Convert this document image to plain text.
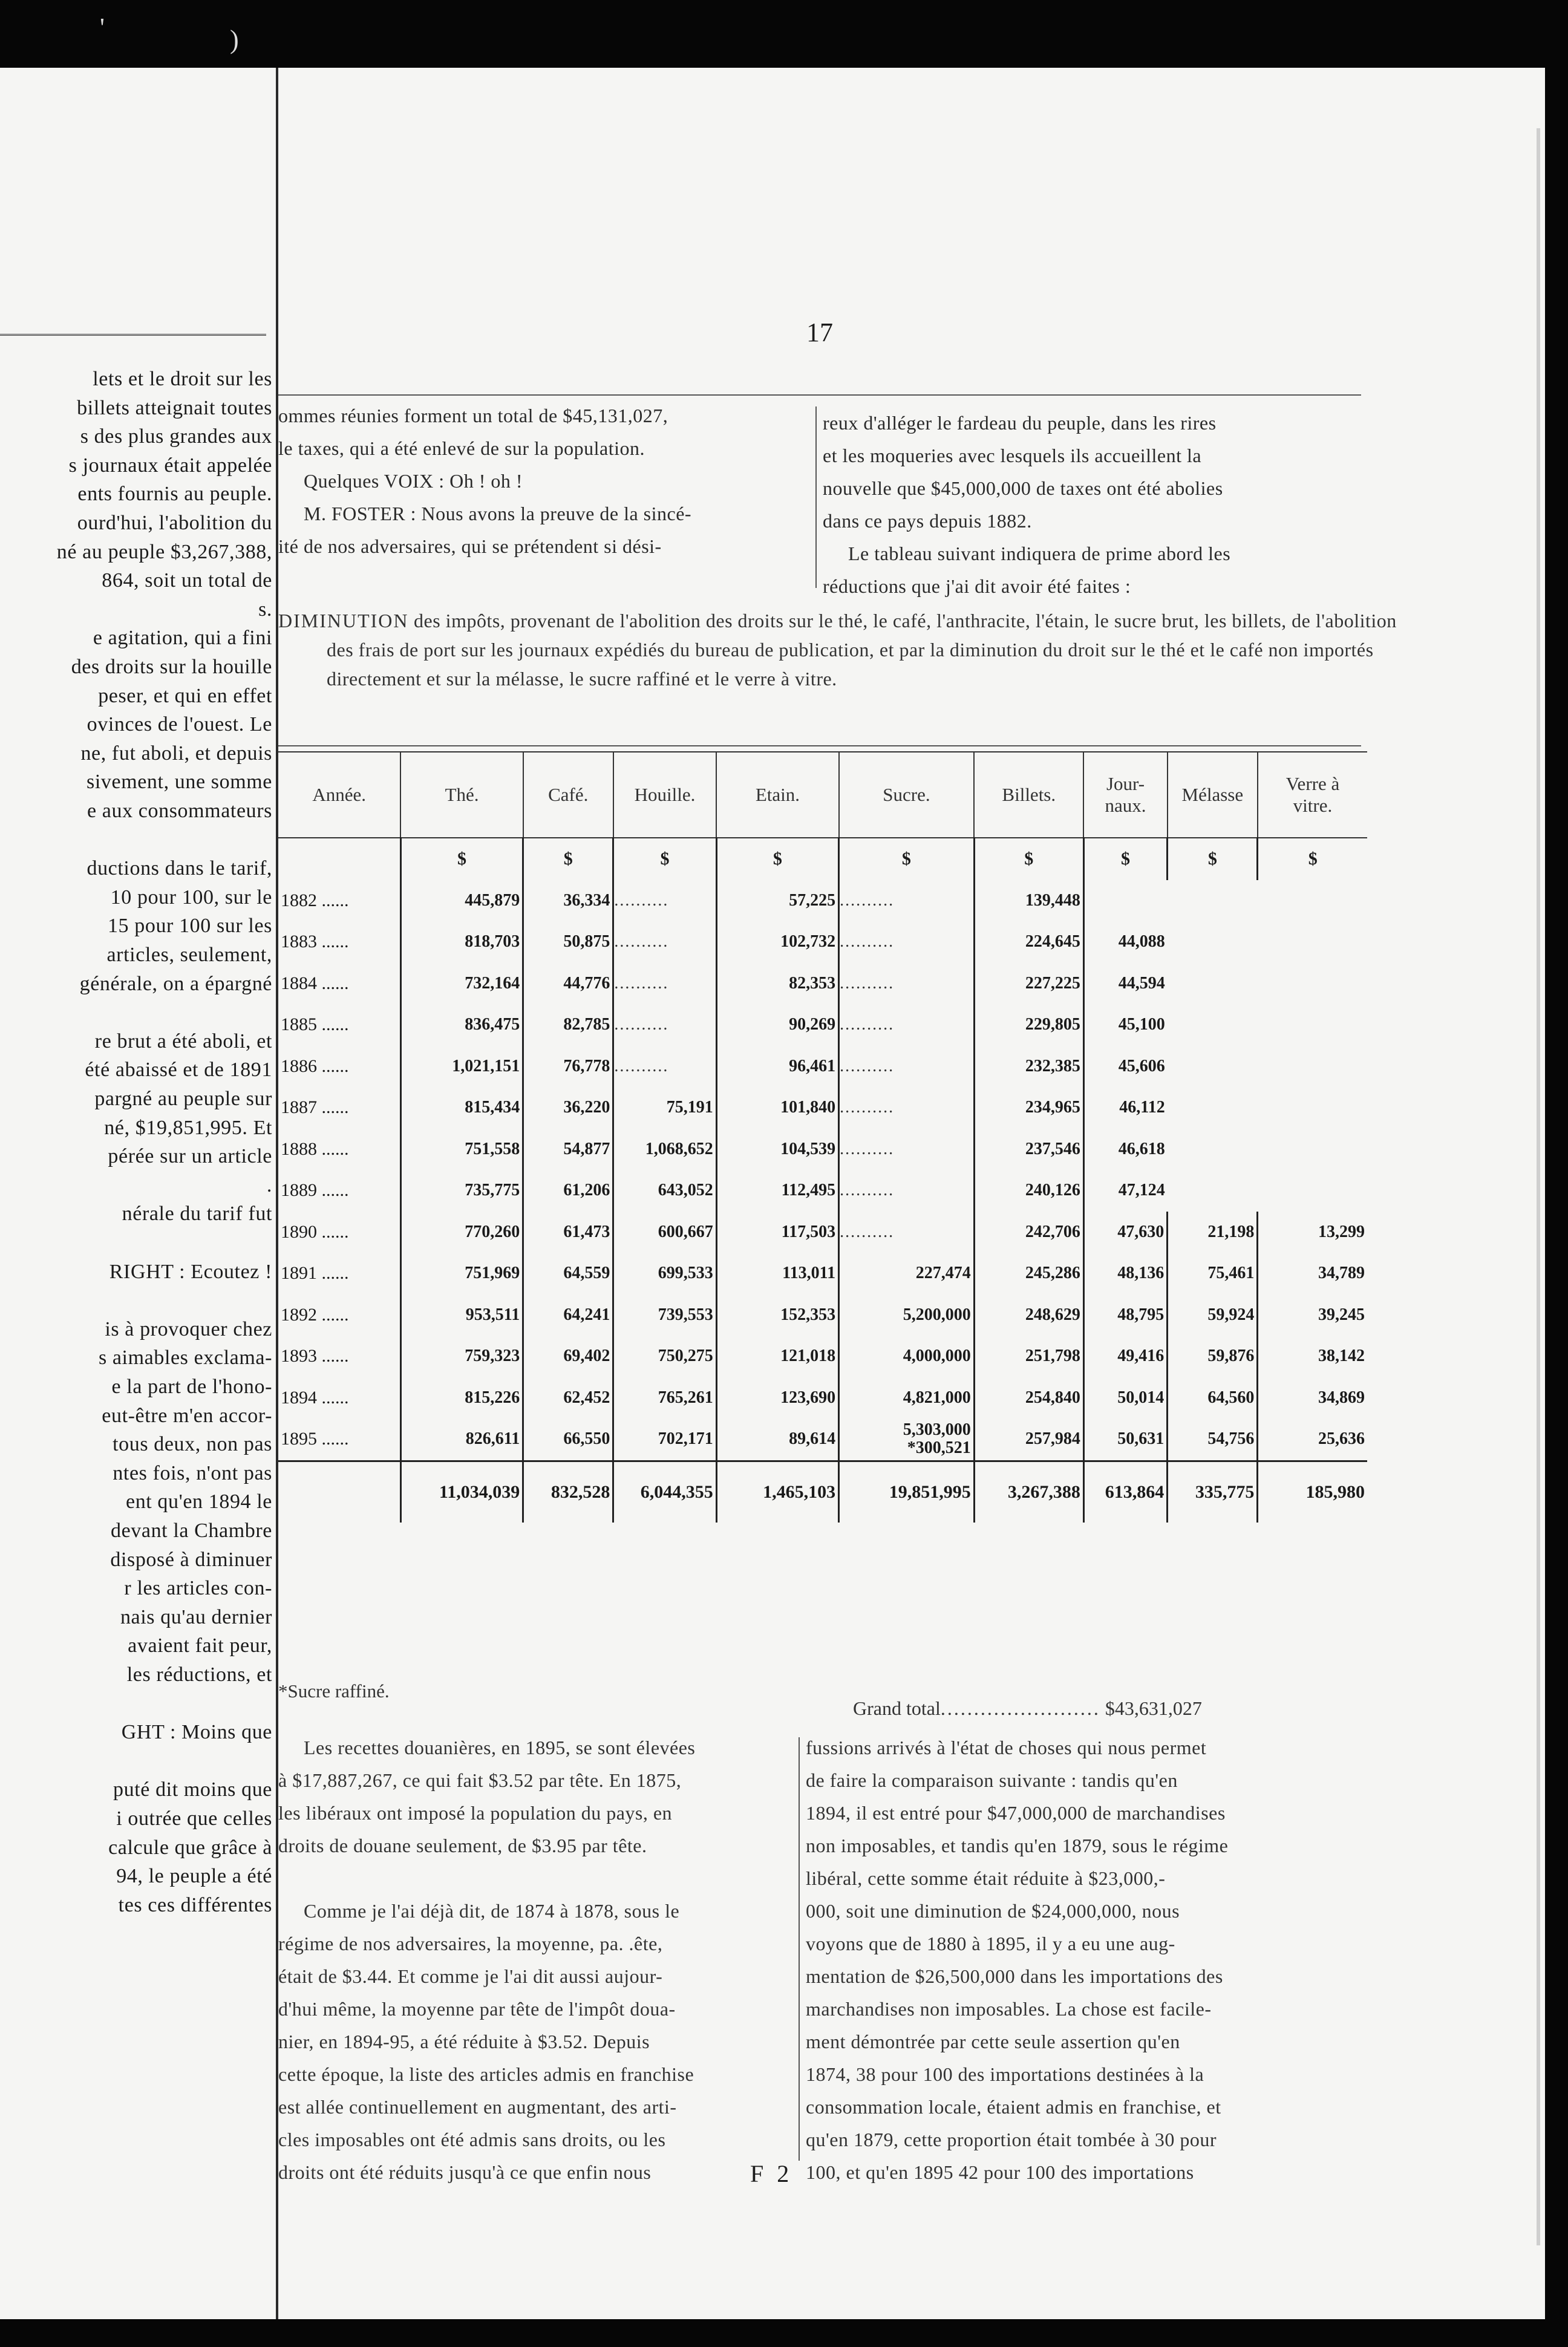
'	)
lets et le droit sur les
billets atteignait toutes
s des plus grandes aux
s journaux était appelée
ents fournis au peuple.
ourd'hui, l'abolition du
né au peuple $3,267,388,
864, soit un total de
s.
e agitation, qui a fini
des droits sur la houille
peser, et qui en effet
ovinces de l'ouest. Le
ne, fut aboli, et depuis
sivement, une somme
e aux consommateurs
ductions dans le tarif,
10 pour 100, sur le
15 pour 100 sur les
articles, seulement,
générale, on a épargné
re brut a été aboli, et
été abaissé et de 1891
pargné au peuple sur
né, $19,851,995. Et
pérée sur un article
.
nérale du tarif fut
RIGHT : Ecoutez !
is à provoquer chez
s aimables exclama-
e la part de l'hono-
eut-être m'en accor-
tous deux, non pas
ntes fois, n'ont pas
ent qu'en 1894 le
devant la Chambre
disposé à diminuer
r les articles con-
nais qu'au dernier
avaient fait peur,
les réductions, et
GHT : Moins que
puté dit moins que
i outrée que celles
calcule que grâce à
94, le peuple a été
tes ces différentes
17

ommes réunies forment un total de $45,131,027,

le taxes, qui a été enlevé de sur la population.

Quelques VOIX : Oh ! oh !

M. FOSTER : Nous avons la preuve de la sincé-

ité de nos adversaires, qui se prétendent si dési-

reux d'alléger le fardeau du peuple, dans les rires

et les moqueries avec lesquels ils accueillent la

nouvelle que $45,000,000 de taxes ont été abolies

dans ce pays depuis 1882.

Le tableau suivant indiquera de prime abord les

réductions que j'ai dit avoir été faites :

DIMINUTION des impôts, provenant de l'abolition des droits sur le thé, le café, l'anthracite, l'étain, le sucre brut, les billets, de l'abolition des frais de port sur les journaux expédiés du bureau de publication, et par la diminution du droit sur le thé et le café non importés directement et sur la mélasse, le sucre raffiné et le verre à vitre.
Année.	Thé.	Café.	Houille.	Etain.	Sucre.	Billets.	Jour-
naux.	Mélasse	Verre à
vitre.
	$	$	$	$	$	$	$	$	$
1882 ......	445,879	36,334	.....	57,225	.....	139,448			
1883 ......	818,703	50,875	.....	102,732	.....	224,645	44,088		
1884 ......	732,164	44,776	.....	82,353	.....	227,225	44,594		
1885 ......	836,475	82,785	.....	90,269	.....	229,805	45,100		
1886 ......	1,021,151	76,778	.....	96,461	.....	232,385	45,606		
1887 ......	815,434	36,220	75,191	101,840	.....	234,965	46,112		
1888 ......	751,558	54,877	1,068,652	104,539	.....	237,546	46,618		
1889 ......	735,775	61,206	643,052	112,495	.....	240,126	47,124		
1890 ......	770,260	61,473	600,667	117,503	.....	242,706	47,630	21,198	13,299
1891 ......	751,969	64,559	699,533	113,011	227,474	245,286	48,136	75,461	34,789
1892 ......	953,511	64,241	739,553	152,353	5,200,000	248,629	48,795	59,924	39,245
1893 ......	759,323	69,402	750,275	121,018	4,000,000	251,798	49,416	59,876	38,142
1894 ......	815,226	62,452	765,261	123,690	4,821,000	254,840	50,014	64,560	34,869
1895 ......	826,611	66,550	702,171	89,614	5,303,000
*300,521	257,984	50,631	54,756	25,636
	11,034,039	832,528	6,044,355	1,465,103	19,851,995	3,267,388	613,864	335,775	185,980
*Sucre raffiné.
Grand total........................ $43,631,027

Les recettes douanières, en 1895, se sont élevées

à $17,887,267, ce qui fait $3.52 par tête. En 1875,

les libéraux ont imposé la population du pays, en

droits de douane seulement, de $3.95 par tête.

Comme je l'ai déjà dit, de 1874 à 1878, sous le

régime de nos adversaires, la moyenne, pa. .ête,

était de $3.44. Et comme je l'ai dit aussi aujour-

d'hui même, la moyenne par tête de l'impôt doua-

nier, en 1894-95, a été réduite à $3.52. Depuis

cette époque, la liste des articles admis en franchise

est allée continuellement en augmentant, des arti-

cles imposables ont été admis sans droits, ou les

droits ont été réduits jusqu'à ce que enfin nous

fussions arrivés à l'état de choses qui nous permet

de faire la comparaison suivante : tandis qu'en

1894, il est entré pour $47,000,000 de marchandises

non imposables, et tandis qu'en 1879, sous le régime

libéral, cette somme était réduite à $23,000,-

000, soit une diminution de $24,000,000, nous

voyons que de 1880 à 1895, il y a eu une aug-

mentation de $26,500,000 dans les importations des

marchandises non imposables. La chose est facile-

ment démontrée par cette seule assertion qu'en

1874, 38 pour 100 des importations destinées à la

consommation locale, étaient admis en franchise, et

qu'en 1879, cette proportion était tombée à 30 pour

100, et qu'en 1895 42 pour 100 des importations

F 2
